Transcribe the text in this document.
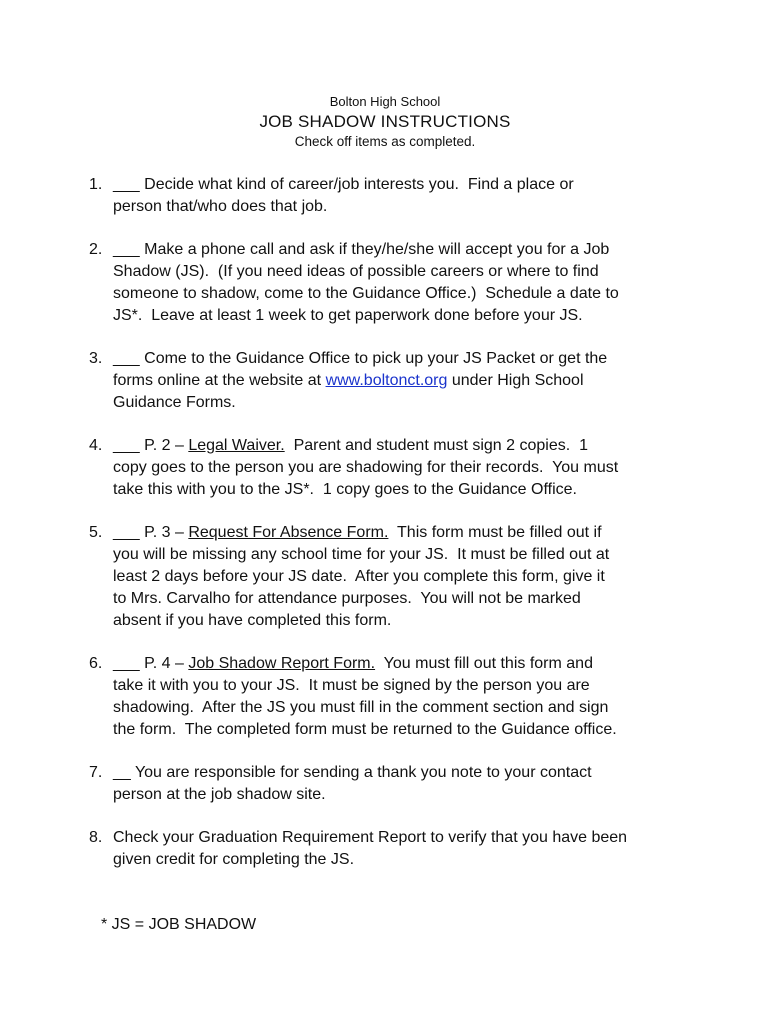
Bolton High School
JOB SHADOW INSTRUCTIONS
Check off items as completed.
1. ___ Decide what kind of career/job interests you.  Find a place or
person that/who does that job.
2. ___ Make a phone call and ask if they/he/she will accept you for a Job
Shadow (JS).  (If you need ideas of possible careers or where to find
someone to shadow, come to the Guidance Office.)  Schedule a date to
JS*.  Leave at least 1 week to get paperwork done before your JS.
3. ___ Come to the Guidance Office to pick up your JS Packet or get the
forms online at the website at www.boltonct.org under High School
Guidance Forms.
4. ___ P. 2 – Legal Waiver.  Parent and student must sign 2 copies.  1
copy goes to the person you are shadowing for their records.  You must
take this with you to the JS*.  1 copy goes to the Guidance Office.
5. ___ P. 3 – Request For Absence Form.  This form must be filled out if
you will be missing any school time for your JS.  It must be filled out at
least 2 days before your JS date.  After you complete this form, give it
to Mrs. Carvalho for attendance purposes.  You will not be marked
absent if you have completed this form.
6. ___ P. 4 – Job Shadow Report Form.  You must fill out this form and
take it with you to your JS.  It must be signed by the person you are
shadowing.  After the JS you must fill in the comment section and sign
the form.  The completed form must be returned to the Guidance office.
7. __ You are responsible for sending a thank you note to your contact
person at the job shadow site.
8. Check your Graduation Requirement Report to verify that you have been
given credit for completing the JS.
* JS = JOB SHADOW
